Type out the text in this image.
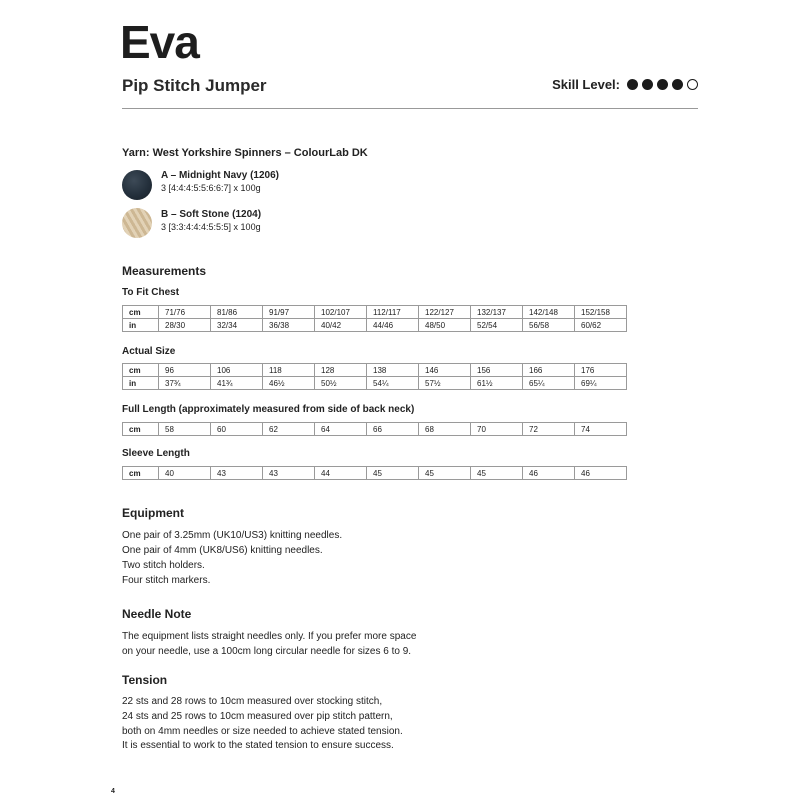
Eva
Pip Stitch Jumper	Skill Level:
Yarn: West Yorkshire Spinners – ColourLab DK
A – Midnight Navy (1206)
3 [4:4:4:5:5:6:6:7] x 100g
B – Soft Stone (1204)
3 [3:3:4:4:4:5:5:5] x 100g
Measurements
To Fit Chest
cm	71/76	81/86	91/97	102/107	112/117	122/127	132/137	142/148	152/158
in	28/30	32/34	36/38	40/42	44/46	48/50	52/54	56/58	60/62
Actual Size
cm	96	106	118	128	138	146	156	166	176
in	37¾	41¾	46½	50½	54¼	57½	61½	65¼	69¼
Full Length (approximately measured from side of back neck)
cm	58	60	62	64	66	68	70	72	74
Sleeve Length
cm	40	43	43	44	45	45	45	46	46
Equipment
One pair of 3.25mm (UK10/US3) knitting needles.
One pair of 4mm (UK8/US6) knitting needles.
Two stitch holders.
Four stitch markers.
Needle Note
The equipment lists straight needles only. If you prefer more space
on your needle, use a 100cm long circular needle for sizes 6 to 9.
Tension
22 sts and 28 rows to 10cm measured over stocking stitch,
24 sts and 25 rows to 10cm measured over pip stitch pattern,
both on 4mm needles or size needed to achieve stated tension.
It is essential to work to the stated tension to ensure success.
4
